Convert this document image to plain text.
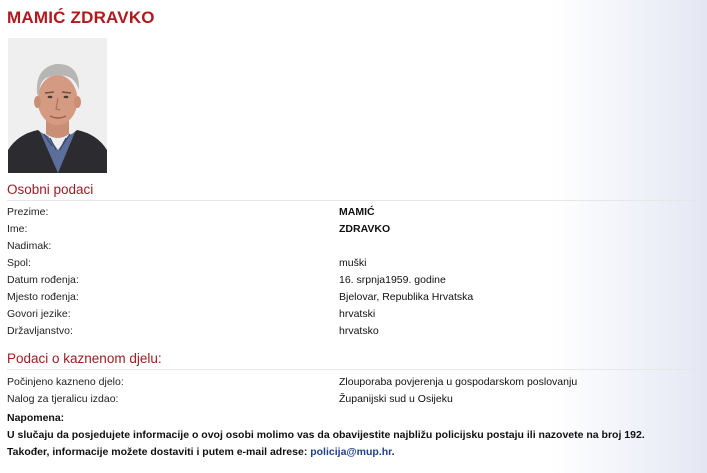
MAMIĆ ZDRAVKO
Osobni podaci
Prezime:	MAMIĆ
Ime:	ZDRAVKO
Nadimak:
Spol:	muški
Datum rođenja:	16. srpnja1959. godine
Mjesto rođenja:	Bjelovar, Republika Hrvatska
Govori jezike:	hrvatski
Državljanstvo:	hrvatsko
Podaci o kaznenom djelu:
Počinjeno kazneno djelo:	Zlouporaba povjerenja u gospodarskom poslovanju
Nalog za tjeralicu izdao:	Županijski sud u Osijeku
Napomena:
U slučaju da posjedujete informacije o ovoj osobi molimo vas da obavijestite najbližu policijsku postaju ili nazovete na broj 192.
Također, informacije možete dostaviti i putem e-mail adrese: policija@mup.hr.
